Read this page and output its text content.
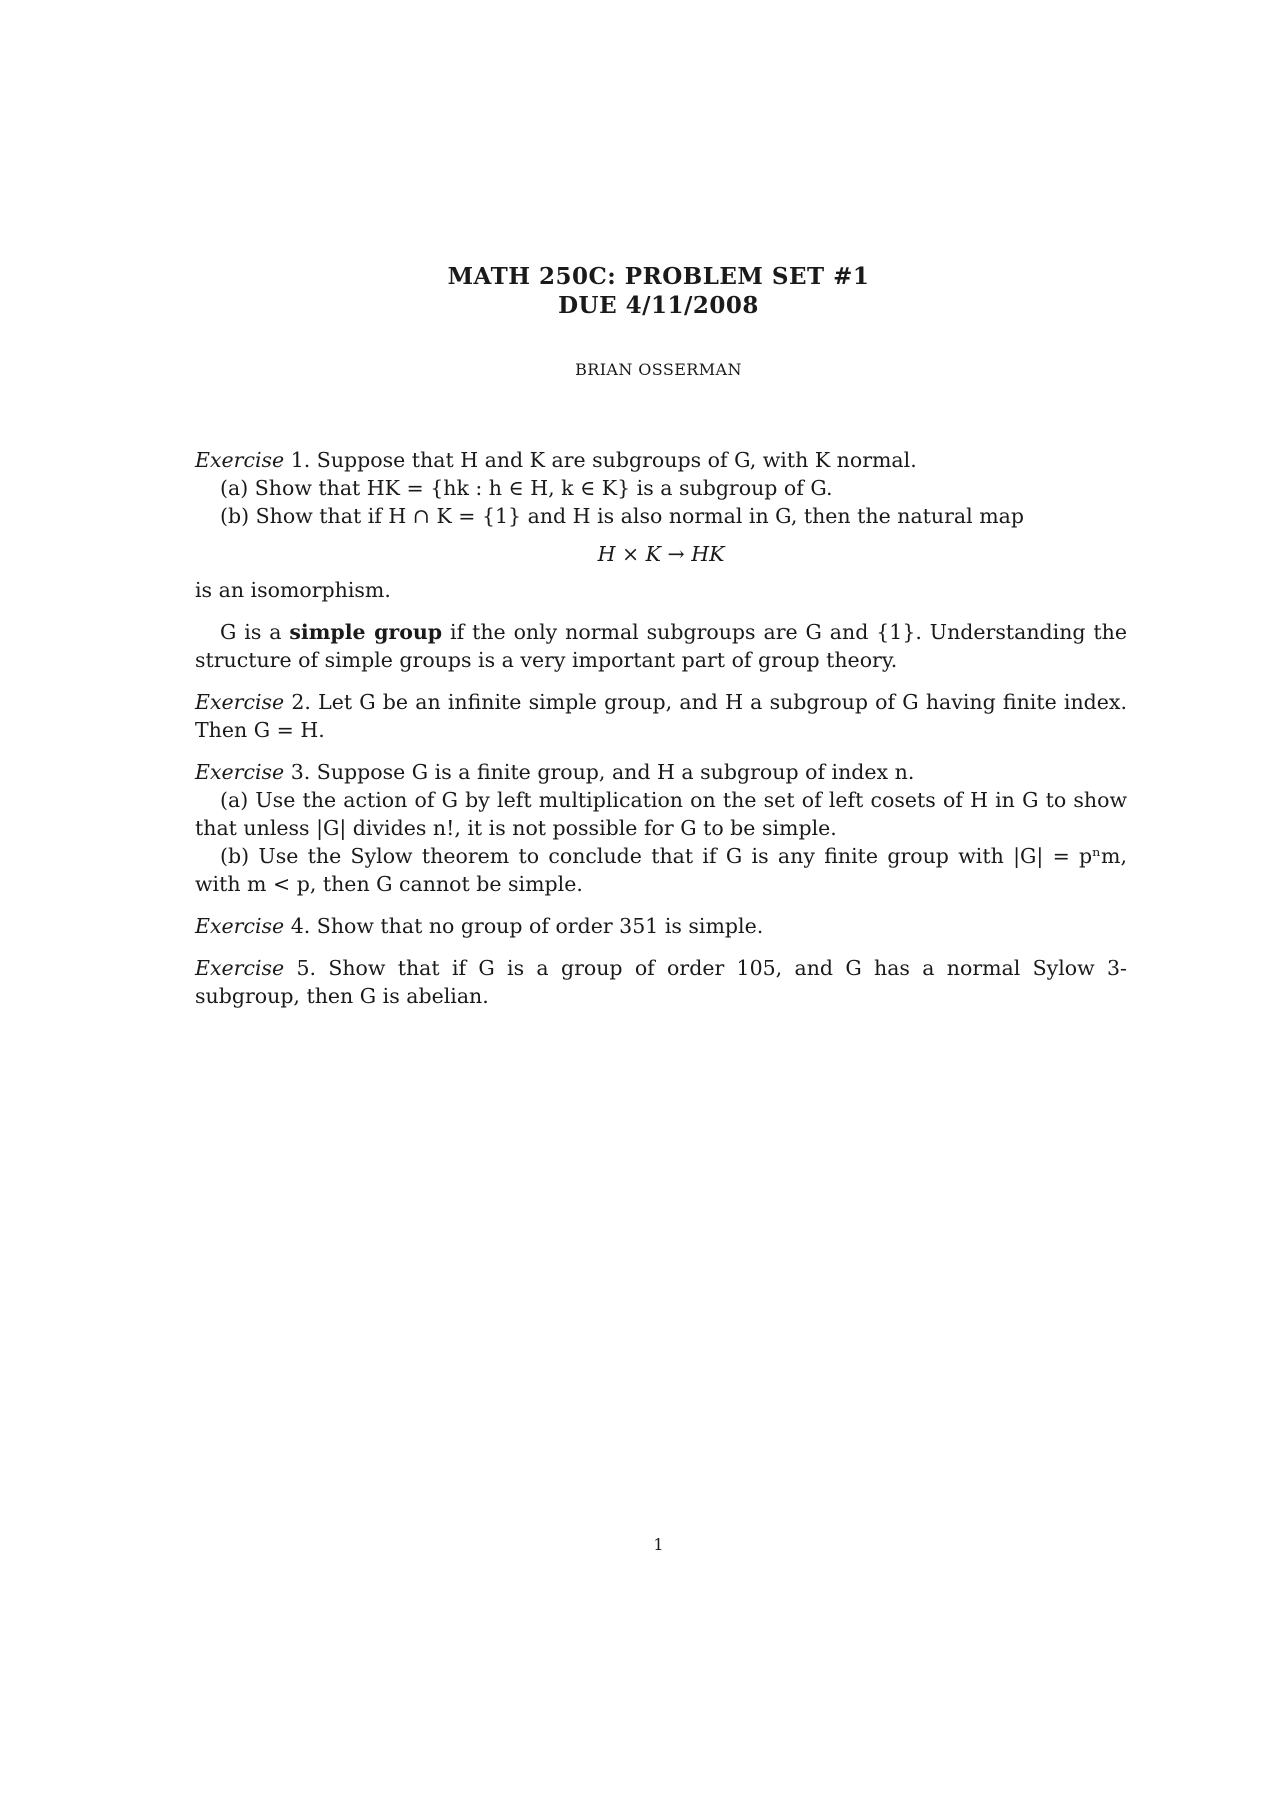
MATH 250C: PROBLEM SET #1
DUE 4/11/2008
BRIAN OSSERMAN

Exercise 1. Suppose that H and K are subgroups of G, with K normal.

(a) Show that HK = {hk : h ∈ H, k ∈ K} is a subgroup of G.

(b) Show that if H ∩ K = {1} and H is also normal in G, then the natural map

H × K → HK

is an isomorphism.

G is a simple group if the only normal subgroups are G and {1}. Understanding the structure of simple groups is a very important part of group theory.

Exercise 2. Let G be an infinite simple group, and H a subgroup of G having finite index. Then G = H.

Exercise 3. Suppose G is a finite group, and H a subgroup of index n.

(a) Use the action of G by left multiplication on the set of left cosets of H in G to show that unless |G| divides n!, it is not possible for G to be simple.

(b) Use the Sylow theorem to conclude that if G is any finite group with |G| = pⁿm, with m < p, then G cannot be simple.

Exercise 4. Show that no group of order 351 is simple.

Exercise 5. Show that if G is a group of order 105, and G has a normal Sylow 3-subgroup, then G is abelian.

1
